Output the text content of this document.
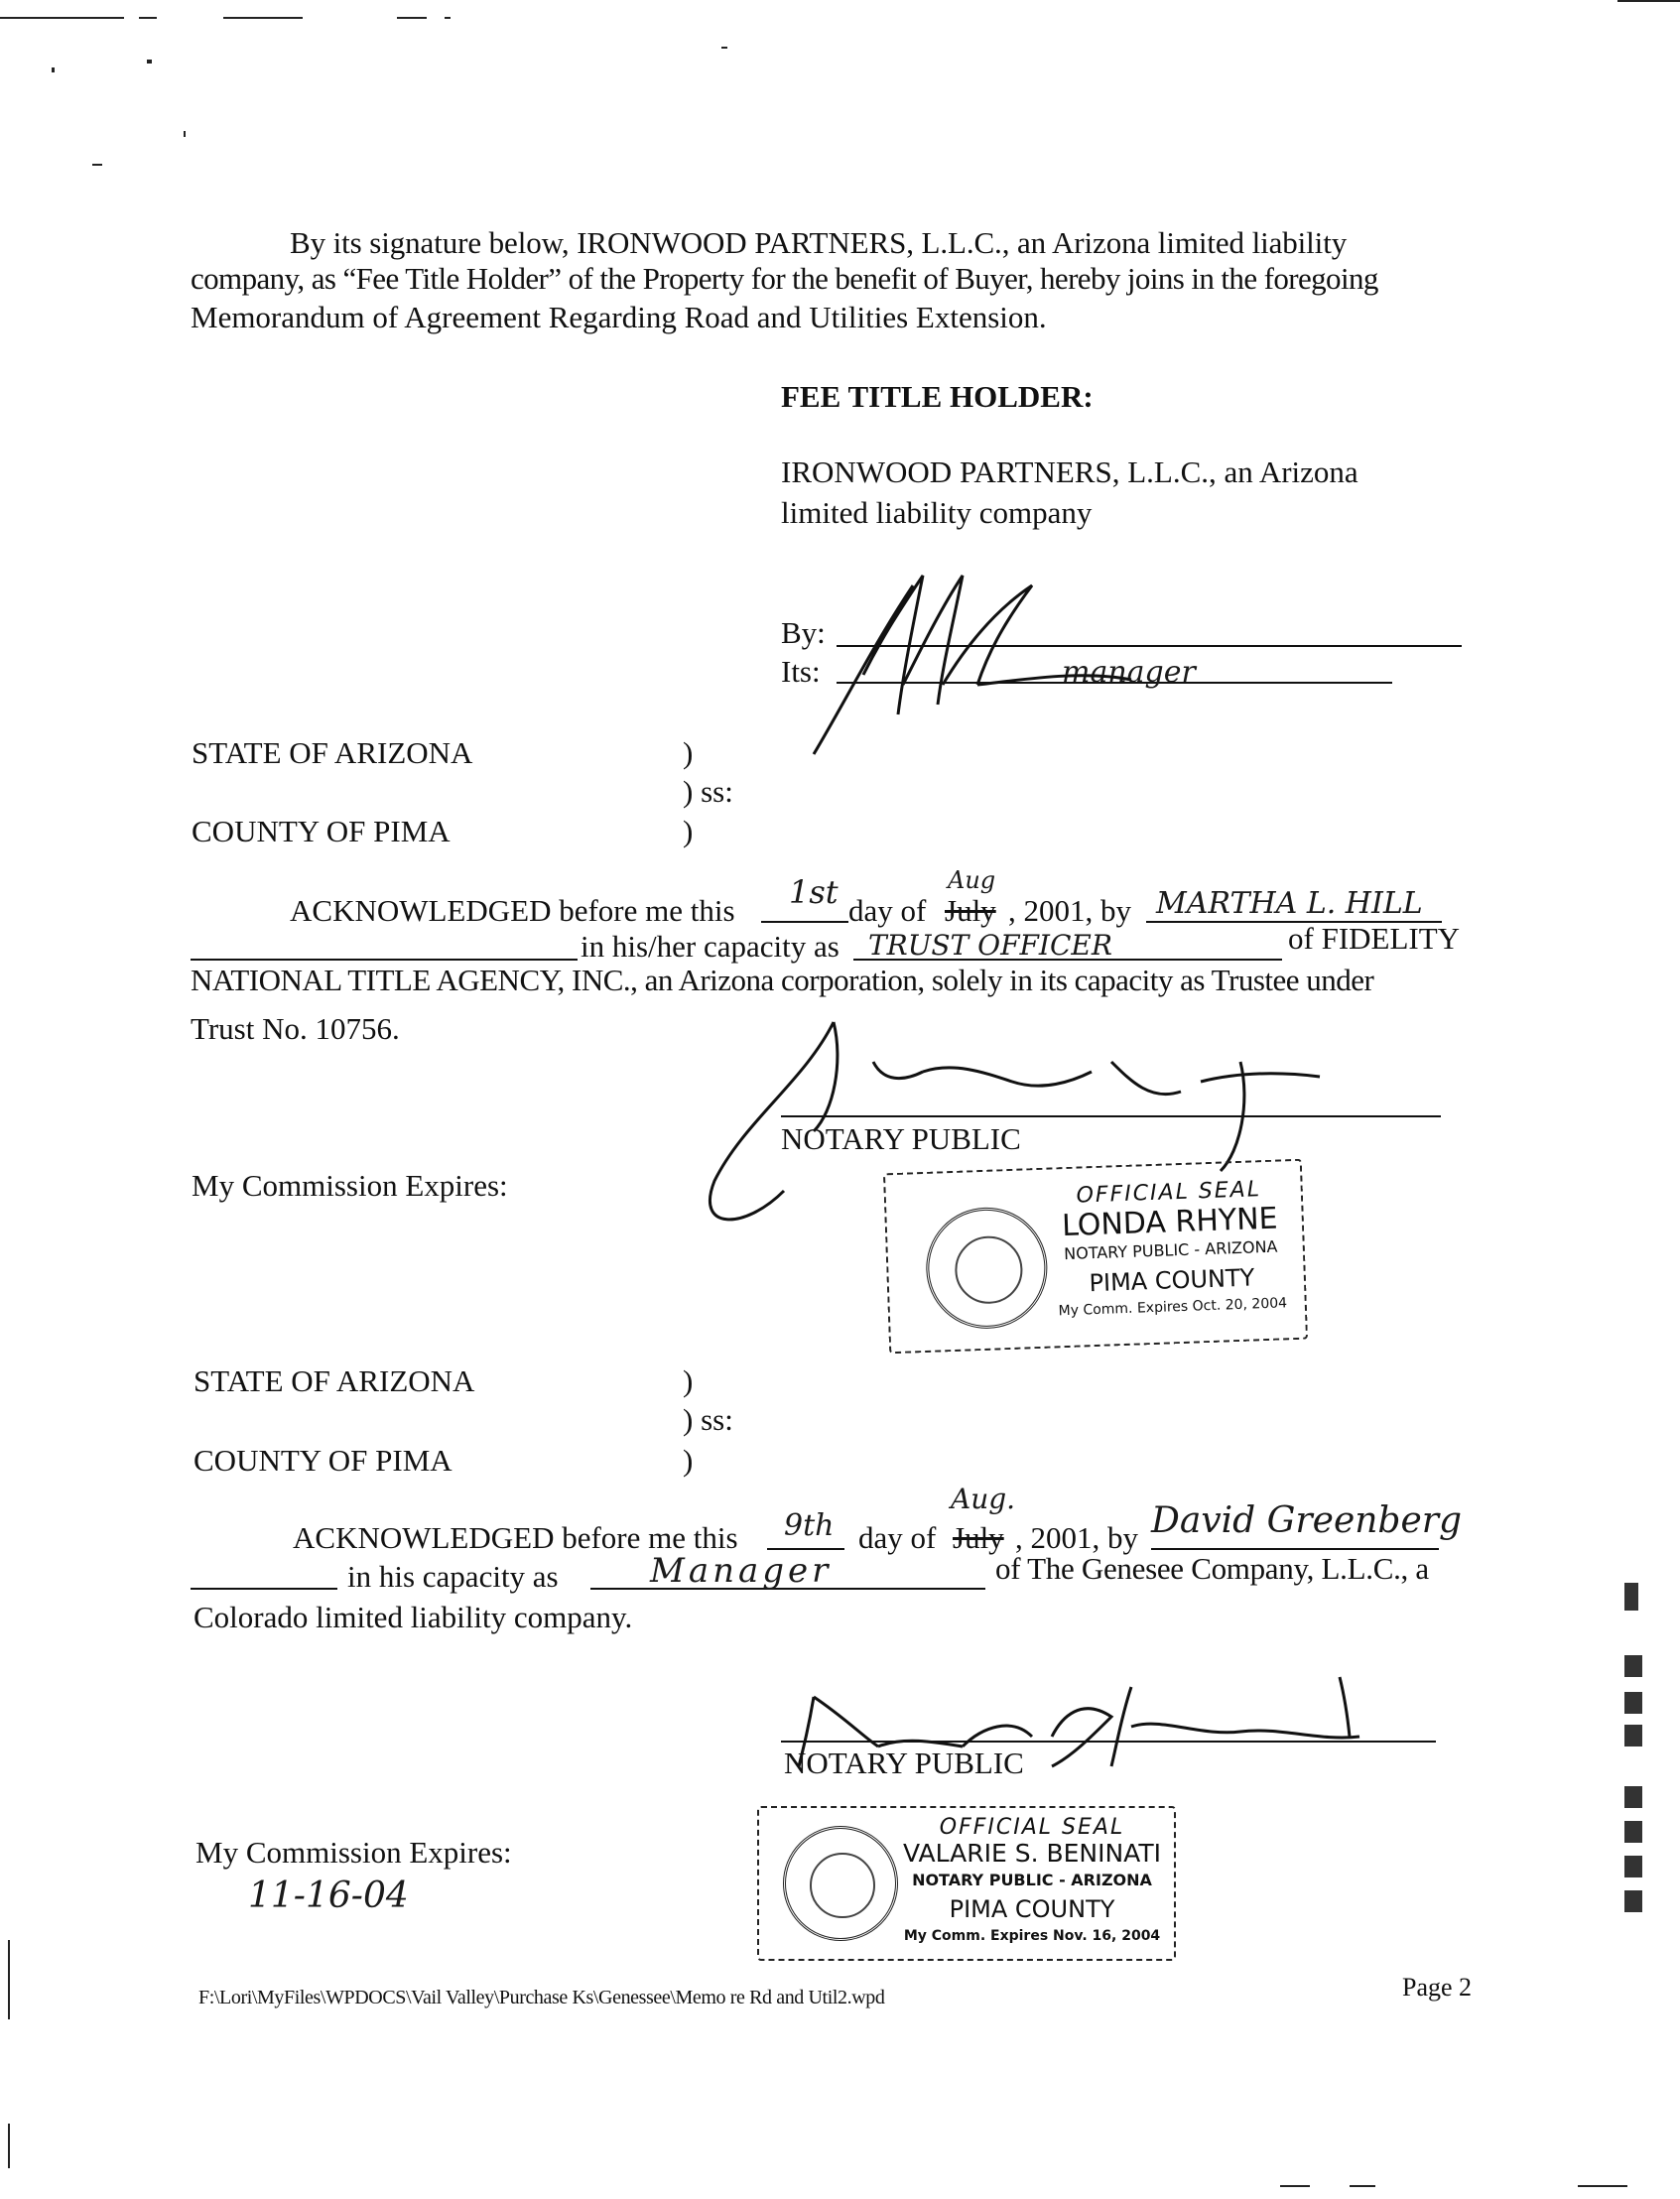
By its signature below, IRONWOOD PARTNERS, L.L.C., an Arizona limited liability
company, as “Fee Title Holder” of the Property for the benefit of Buyer, hereby joins in the foregoing
Memorandum of Agreement Regarding Road and Utilities Extension.
FEE TITLE HOLDER:
IRONWOOD PARTNERS, L.L.C., an Arizona
limited liability company
By:
Its:	manager
STATE OF ARIZONA	)
) ss:
COUNTY OF PIMA	)
ACKNOWLEDGED before me this 1st day of July
Aug
, 2001, by MARTHA L. HILL
in his/her capacity as TRUST OFFICER	of FIDELITY
NATIONAL TITLE AGENCY, INC., an Arizona corporation, solely in its capacity as Trustee under
Trust No. 10756.
NOTARY PUBLIC
My Commission Expires:	OFFICIAL SEAL
LONDA RHYNE
NOTARY PUBLIC - ARIZONA
PIMA COUNTY
My Comm. Expires Oct. 20, 2004
STATE OF ARIZONA	)
) ss:
COUNTY OF PIMA	)
ACKNOWLEDGED before me this 9th day of July
Aug.
, 2001, by David Greenberg
in his capacity as	Manager	of The Genesee Company, L.L.C., a
Colorado limited liability company.
NOTARY PUBLIC
My Commission Expires:
11-16-04
OFFICIAL SEAL
VALARIE S. BENINATI
NOTARY PUBLIC - ARIZONA
PIMA COUNTY
My Comm. Expires Nov. 16, 2004
F:\Lori\MyFiles\WPDOCS\Vail Valley\Purchase Ks\Genessee\Memo re Rd and Util2.wpd	Page 2
